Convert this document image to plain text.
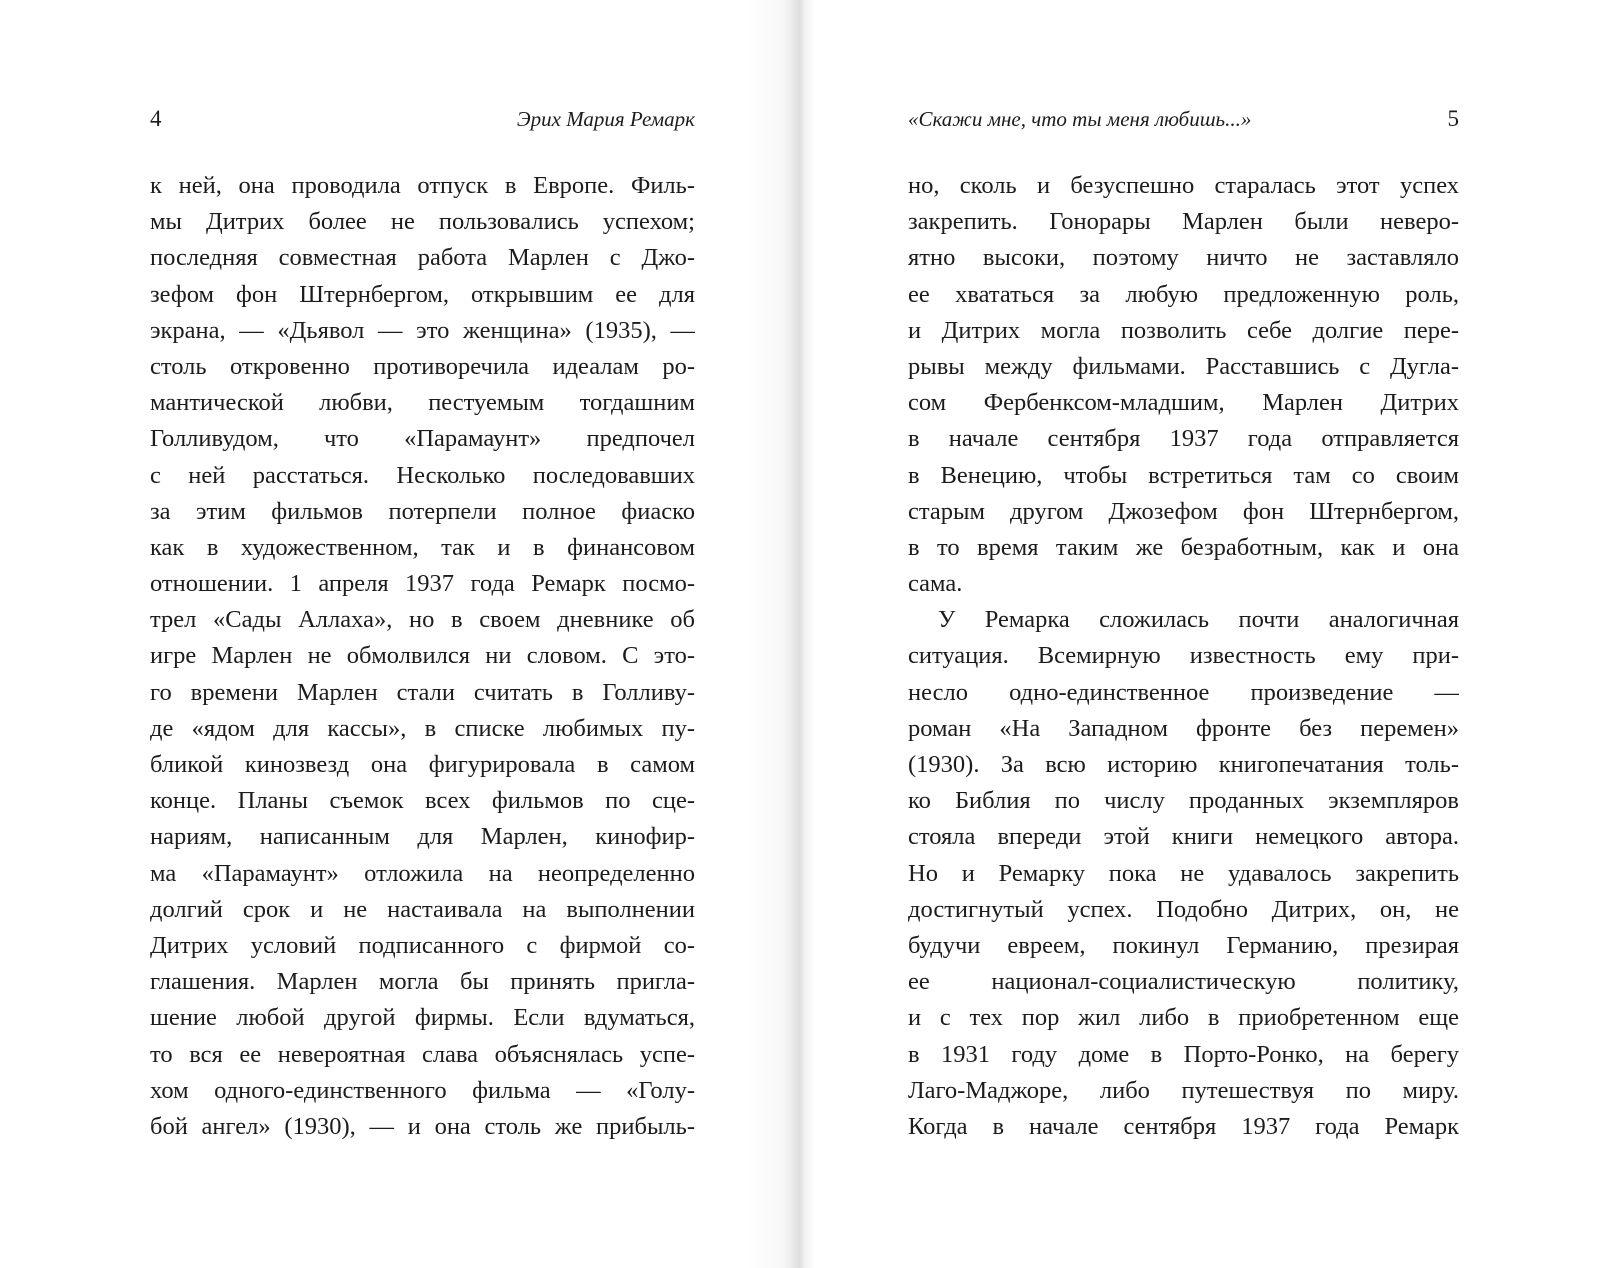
4	Эрих Мария Ремарк
к ней, она проводила отпуск в Европе. Филь-
мы Дитрих более не пользовались успехом;
последняя совместная работа Марлен с Джо-
зефом фон Штернбергом, открывшим ее для
экрана, — «Дьявол — это женщина» (1935), —
столь откровенно противоречила идеалам ро-
мантической любви, пестуемым тогдашним
Голливудом, что «Парамаунт» предпочел
с ней расстаться. Несколько последовавших
за этим фильмов потерпели полное фиаско
как в художественном, так и в финансовом
отношении. 1 апреля 1937 года Ремарк посмо-
трел «Сады Аллаха», но в своем дневнике об
игре Марлен не обмолвился ни словом. С это-
го времени Марлен стали считать в Голливу-
де «ядом для кассы», в списке любимых пу-
бликой кинозвезд она фигурировала в самом
конце. Планы съемок всех фильмов по сце-
нариям, написанным для Марлен, кинофир-
ма «Парамаунт» отложила на неопределенно
долгий срок и не настаивала на выполнении
Дитрих условий подписанного с фирмой со-
глашения. Марлен могла бы принять пригла-
шение любой другой фирмы. Если вдуматься,
то вся ее невероятная слава объяснялась успе-
хом одного-единственного фильма — «Голу-
бой ангел» (1930), — и она столь же прибыль-
«Скажи мне, что ты меня любишь...»	5
но, сколь и безуспешно старалась этот успех
закрепить. Гонорары Марлен были неверо-
ятно высоки, поэтому ничто не заставляло
ее хвататься за любую предложенную роль,
и Дитрих могла позволить себе долгие пере-
рывы между фильмами. Расставшись с Дугла-
сом Фербенксом-младшим, Марлен Дитрих
в начале сентября 1937 года отправляется
в Венецию, чтобы встретиться там со своим
старым другом Джозефом фон Штернбергом,
в то время таким же безработным, как и она
сама.
У Ремарка сложилась почти аналогичная
ситуация. Всемирную известность ему при-
несло одно-единственное произведение —
роман «На Западном фронте без перемен»
(1930). За всю историю книгопечатания толь-
ко Библия по числу проданных экземпляров
стояла впереди этой книги немецкого автора.
Но и Ремарку пока не удавалось закрепить
достигнутый успех. Подобно Дитрих, он, не
будучи евреем, покинул Германию, презирая
ее национал-социалистическую политику,
и с тех пор жил либо в приобретенном еще
в 1931 году доме в Порто-Ронко, на берегу
Лаго-Маджоре, либо путешествуя по миру.
Когда в начале сентября 1937 года Ремарк
